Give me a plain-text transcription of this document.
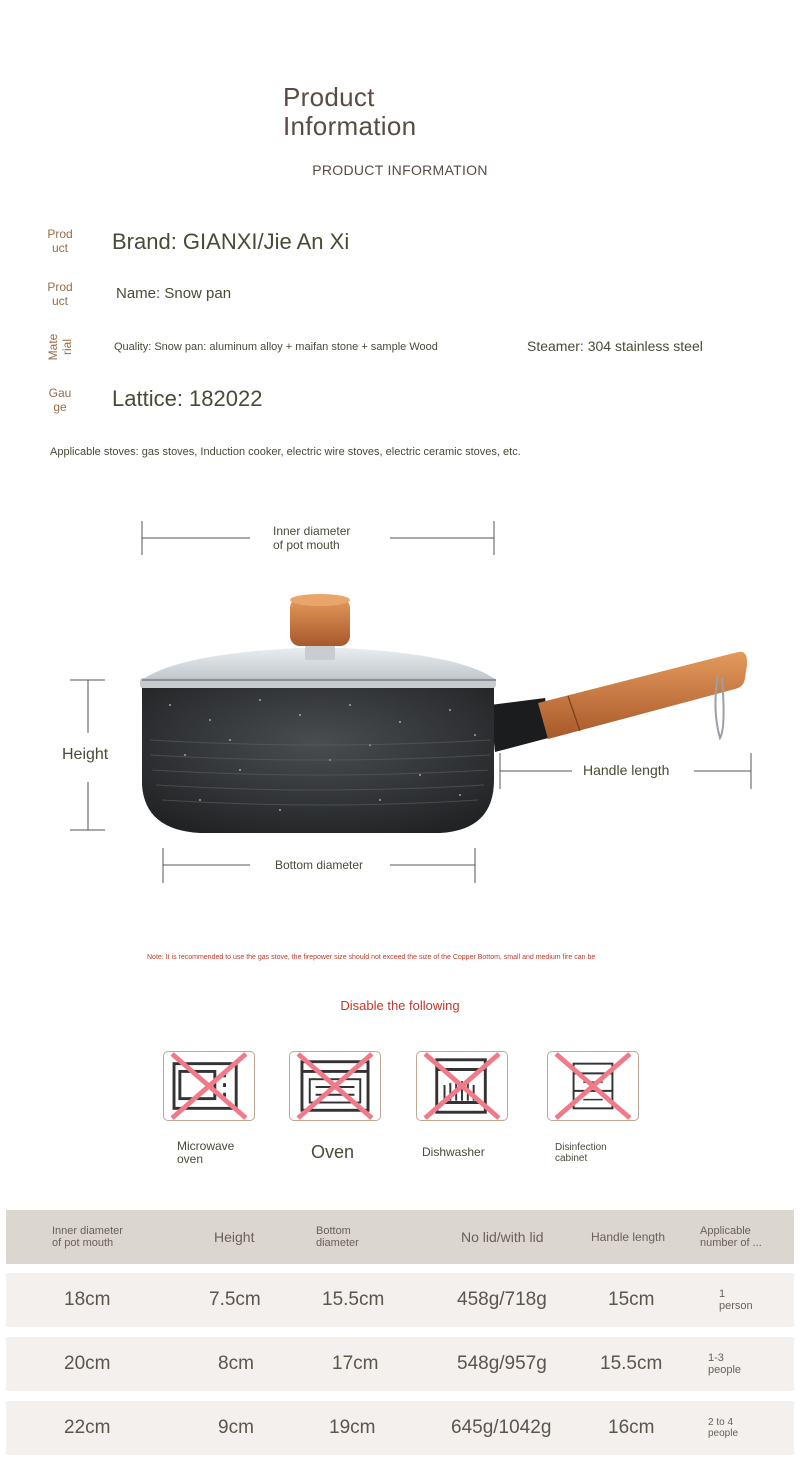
Product
Information
PRODUCT INFORMATION
Prod
uct	Brand: GIANXI/Jie An Xi
Prod
uct	Name: Snow pan
Mate rial	Quality: Snow pan: aluminum alloy + maifan stone + sample Wood	Steamer: 304 stainless steel
Gau
ge	Lattice: 182022
Applicable stoves: gas stoves, Induction cooker, electric wire stoves, electric ceramic stoves, etc.
Inner diameter
of pot mouth
Height
Handle length
Bottom diameter
Note: It is recommended to use the gas stove, the firepower size should not exceed the size of the Copper Bottom, small and medium fire can be
Disable the following
Microwave
oven	Oven	Dishwasher	Disinfection
cabinet
Inner diameter
of pot mouth	Height	Bottom
diameter	No lid/with lid	Handle length	Applicable
number of ...
18cm	7.5cm	15.5cm	458g/718g	15cm	1
person
20cm	8cm	17cm	548g/957g	15.5cm	1-3
people
22cm	9cm	19cm	645g/1042g	16cm	2 to 4
people
